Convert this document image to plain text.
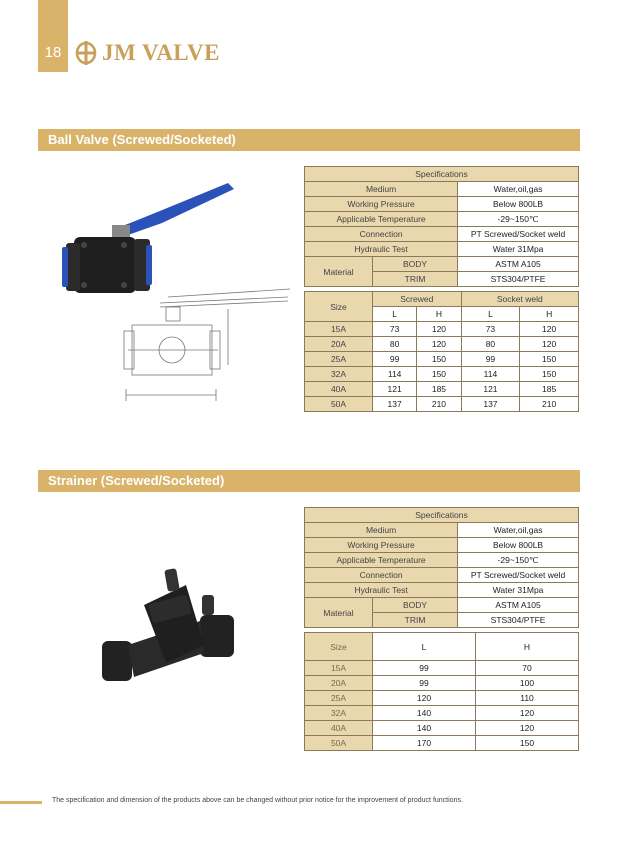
18 JM VALVE
Ball Valve (Screwed/Socketed)
Specifications		
Medium		Water,oil,gas
Working Pressure		Below 800LB
Applicable Temperature		-29~150℃
Connection		PT Screwed/Socket weld
Hydraulic Test		Water 31Mpa
Material	BODY	ASTM A105
	TRIM	STS304/PTFE
Size	Screwed		Socket weld	
	L	H	L	H
15A	73	120	73	120
20A	80	120	80	120
25A	99	150	99	150
32A	114	150	114	150
40A	121	185	121	185
50A	137	210	137	210
Strainer (Screwed/Socketed)
Specifications		
Medium		Water,oil,gas
Working Pressure		Below 800LB
Applicable Temperature		-29~150℃
Connection		PT Screwed/Socket weld
Hydraulic Test		Water 31Mpa
Material	BODY	ASTM A105
	TRIM	STS304/PTFE
Size	L	H
15A	99	70
20A	99	100
25A	120	110
32A	140	120
40A	140	120
50A	170	150
The specification and dimension of the products above can be changed without prior notice for the improvement of product functions.
